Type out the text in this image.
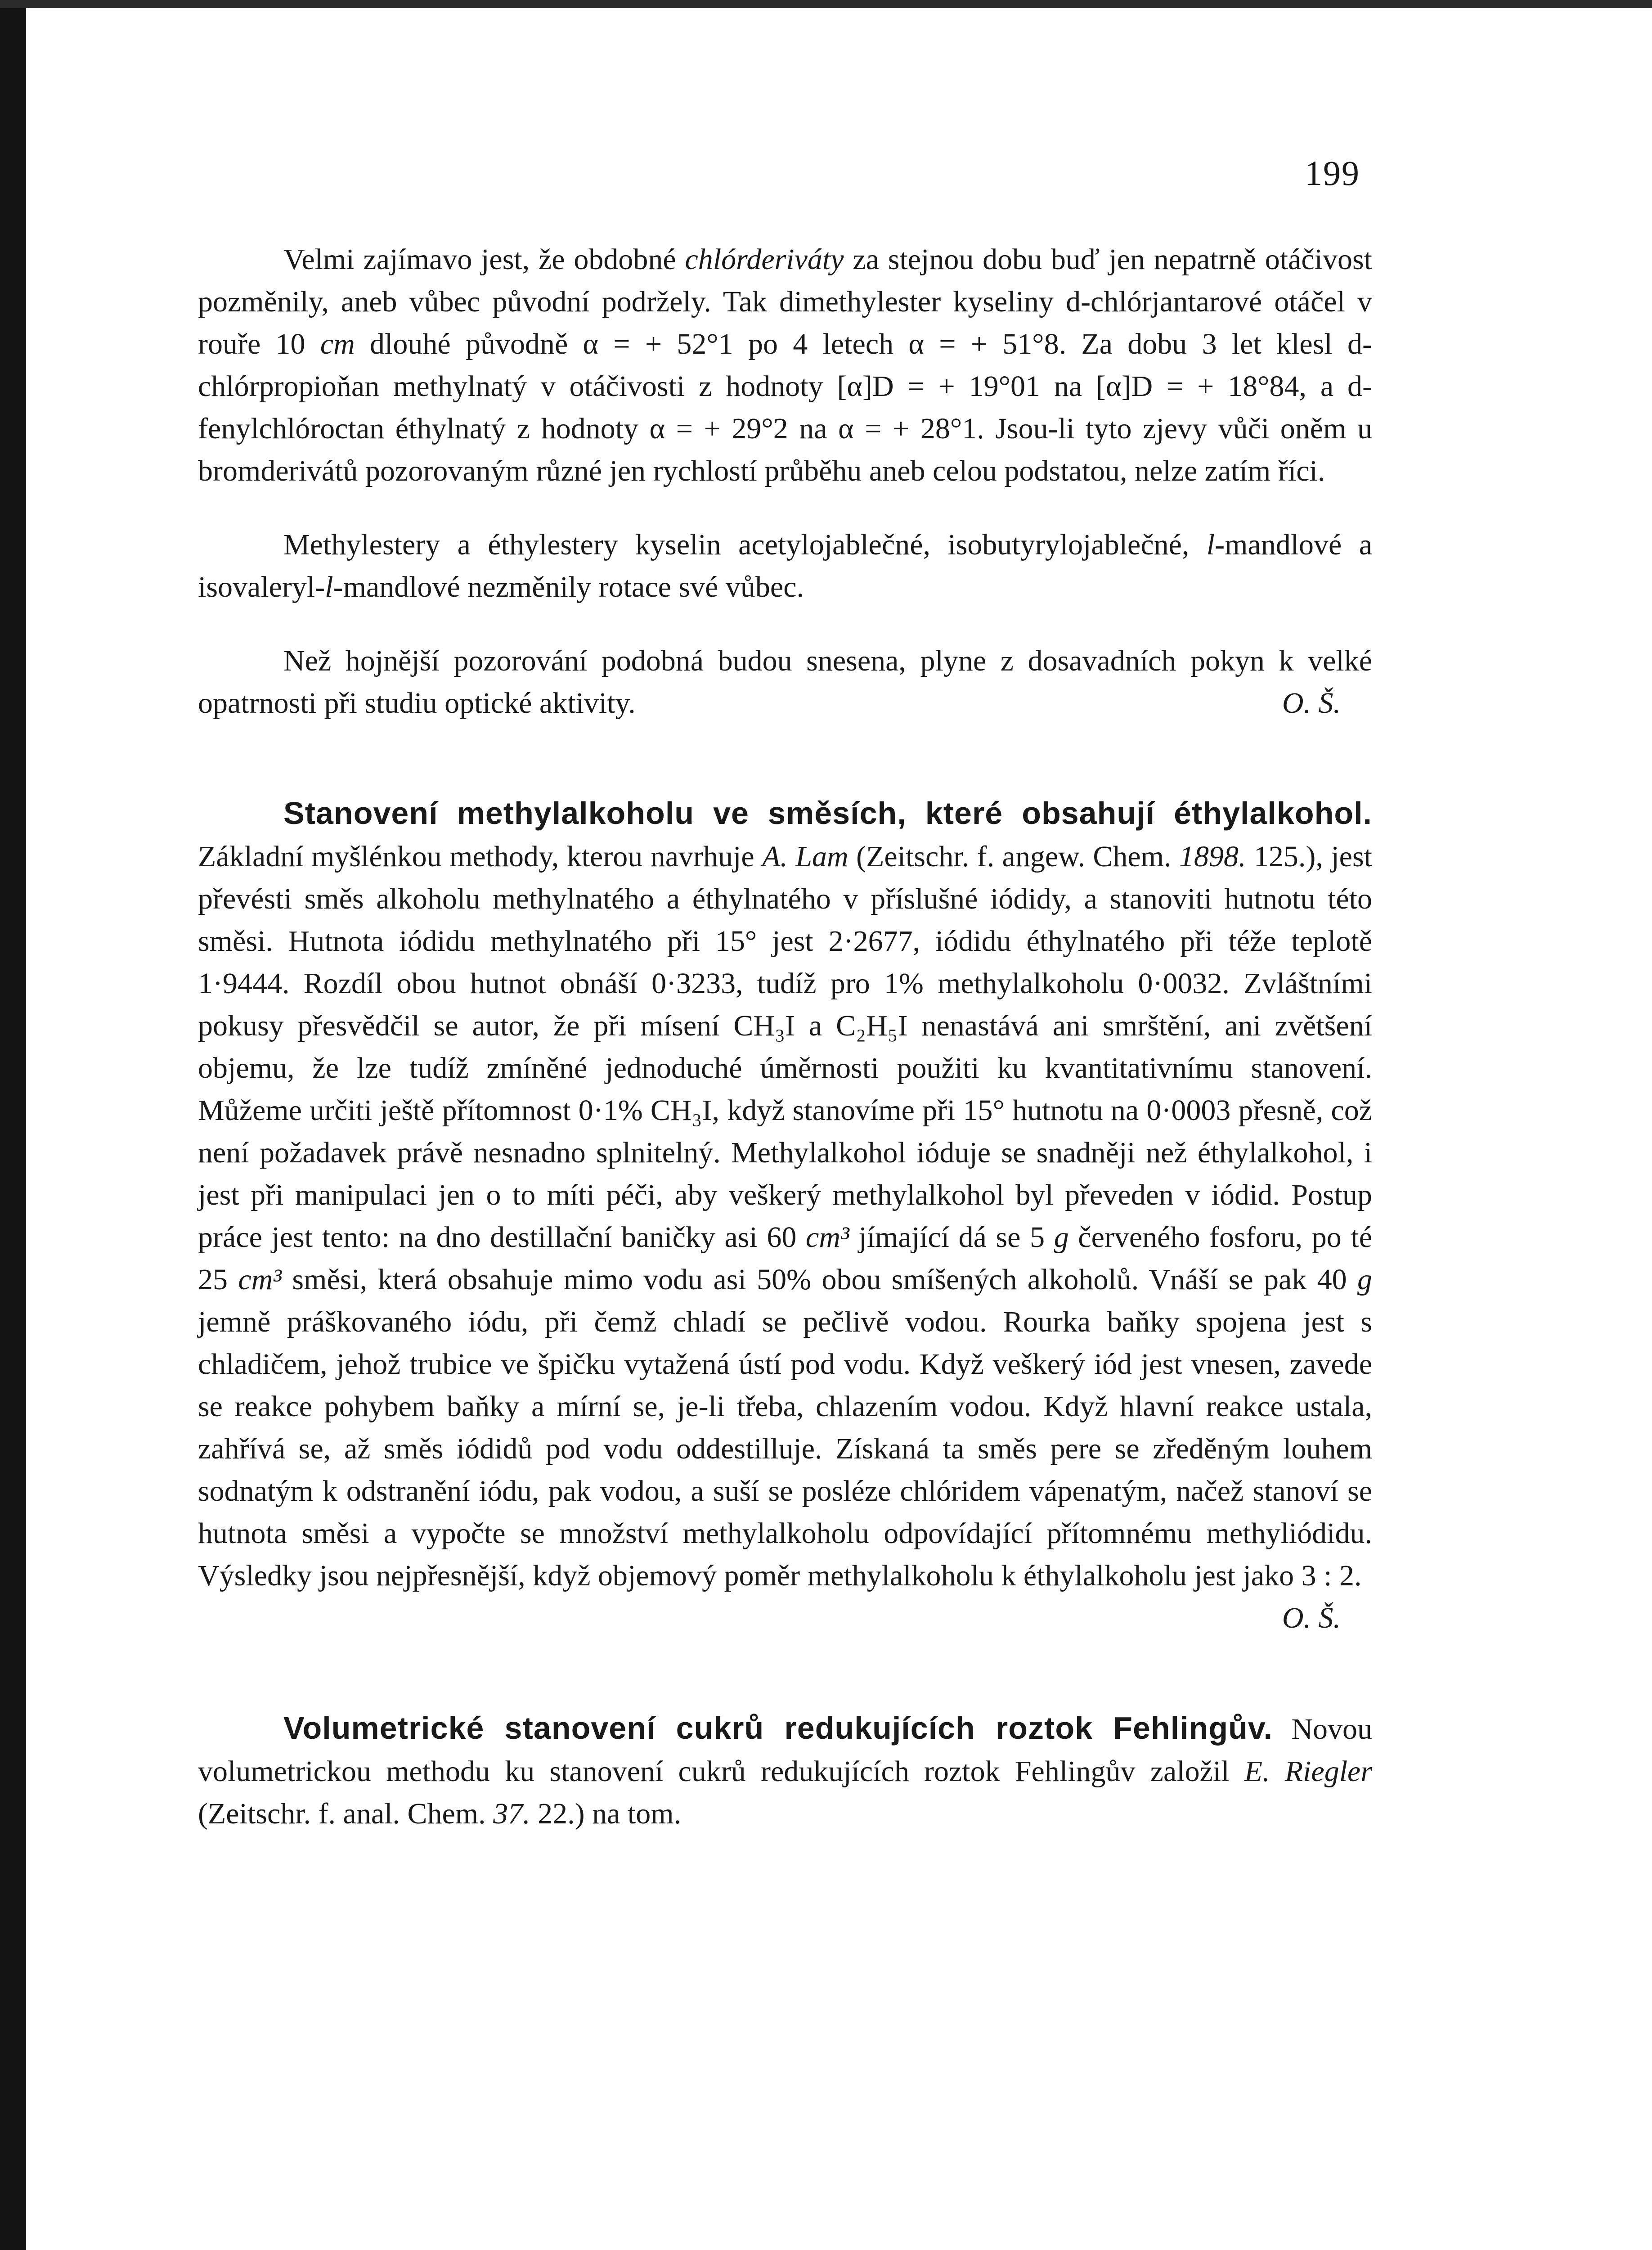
199

Velmi zajímavo jest, že obdobné chlórderiváty za stejnou dobu buď jen nepatrně otáčivost pozměnily, aneb vůbec původní podržely. Tak dimethylester kyseliny d-chlórjantarové otáčel v rouře 10 cm dlouhé původně α = + 52°1 po 4 letech α = + 51°8. Za dobu 3 let klesl d-chlórpropioňan methylnatý v otáčivosti z hodnoty [α]D = + 19°01 na [α]D = + 18°84, a d-fenylchlóroctan éthylnatý z hodnoty α = + 29°2 na α = + 28°1. Jsou-li tyto zjevy vůči oněm u bromderivátů pozorovaným různé jen rychlostí průběhu aneb celou podstatou, nelze zatím říci.

Methylestery a éthylestery kyselin acetylojablečné, isobutyrylojablečné, l-mandlové a isovaleryl-l-mandlové nezměnily rotace své vůbec.

Než hojnější pozorování podobná budou snesena, plyne z dosavadních pokyn k velké opatrnosti při studiu optické aktivity.	O. Š.

Stanovení methylalkoholu ve směsích, které obsahují éthylalkohol. Základní myšlénkou methody, kterou navrhuje A. Lam (Zeitschr. f. angew. Chem. 1898. 125.), jest převésti směs alkoholu methylnatého a éthylnatého v příslušné iódidy, a stanoviti hutnotu této směsi. Hutnota iódidu methylnatého při 15° jest 2·2677, iódidu éthylnatého při téže teplotě 1·9444. Rozdíl obou hutnot obnáší 0·3233, tudíž pro 1% methylalkoholu 0·0032. Zvláštními pokusy přesvědčil se autor, že při mísení CH₃I a C₂H₅I nenastává ani smrštění, ani zvětšení objemu, že lze tudíž zmíněné jednoduché úměrnosti použiti ku kvantitativnímu stanovení. Můžeme určiti ještě přítomnost 0·1% CH₃I, když stanovíme při 15° hutnotu na 0·0003 přesně, což není požadavek právě nesnadno splnitelný. Methylalkohol ióduje se snadněji než éthylalkohol, i jest při manipulaci jen o to míti péči, aby veškerý methylalkohol byl převeden v iódid. Postup práce jest tento: na dno destillační baničky asi 60 cm³ jímající dá se 5 g červeného fosforu, po té 25 cm³ směsi, která obsahuje mimo vodu asi 50% obou smíšených alkoholů. Vnáší se pak 40 g jemně práškovaného iódu, při čemž chladí se pečlivě vodou. Rourka baňky spojena jest s chladičem, jehož trubice ve špičku vytažená ústí pod vodu. Když veškerý iód jest vnesen, zavede se reakce pohybem baňky a mírní se, je-li třeba, chlazením vodou. Když hlavní reakce ustala, zahřívá se, až směs iódidů pod vodu oddestilluje. Získaná ta směs pere se zředěným louhem sodnatým k odstranění iódu, pak vodou, a suší se posléze chlóridem vápenatým, načež stanoví se hutnota směsi a vypočte se množství methylalkoholu odpovídající přítomnému methyliódidu. Výsledky jsou nejpřesnější, když objemový poměr methylalkoholu k éthylalkoholu jest jako 3 : 2.
O. Š.

Volumetrické stanovení cukrů redukujících roztok Fehlingův. Novou volumetrickou methodu ku stanovení cukrů redukujících roztok Fehlingův založil E. Riegler (Zeitschr. f. anal. Chem. 37. 22.) na tom.
